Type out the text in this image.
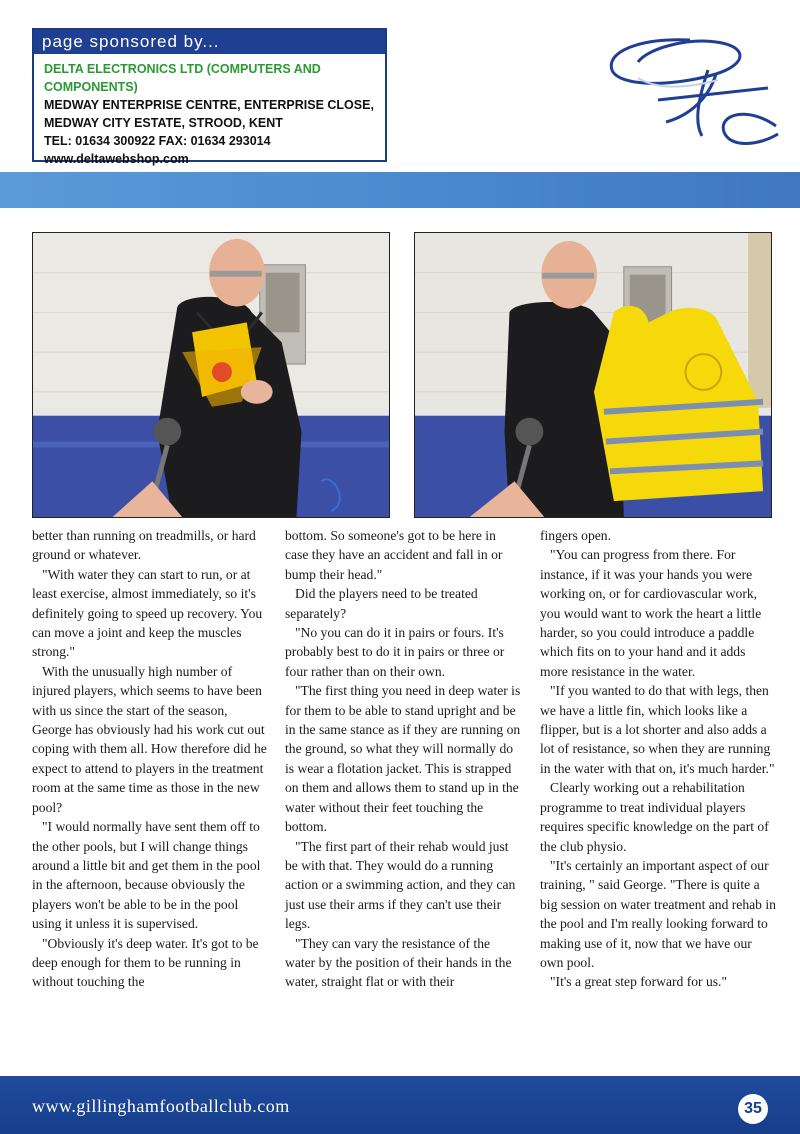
page sponsored by...
DELTA ELECTRONICS LTD (COMPUTERS AND COMPONENTS)
MEDWAY ENTERPRISE CENTRE, ENTERPRISE CLOSE,
MEDWAY CITY ESTATE, STROOD, KENT
TEL: 01634 300922 FAX: 01634 293014
www.deltawebshop.com

better than running on treadmills, or hard ground or whatever.

"With water they can start to run, or at least exercise, almost immediately, so it's definitely going to speed up recovery. You can move a joint and keep the muscles strong."

With the unusually high number of injured players, which seems to have been with us since the start of the season, George has obviously had his work cut out coping with them all. How therefore did he expect to attend to players in the treatment room at the same time as those in the new pool?

"I would normally have sent them off to the other pools, but I will change things around a little bit and get them in the pool in the afternoon, because obviously the players won't be able to be in the pool using it unless it is supervised.

"Obviously it's deep water. It's got to be deep enough for them to be running in without touching the

bottom. So someone's got to be here in case they have an accident and fall in or bump their head."

Did the players need to be treated separately?

"No you can do it in pairs or fours. It's probably best to do it in pairs or three or four rather than on their own.

"The first thing you need in deep water is for them to be able to stand upright and be in the same stance as if they are running on the ground, so what they will normally do is wear a flotation jacket. This is strapped on them and allows them to stand up in the water without their feet touching the bottom.

"The first part of their rehab would just be with that. They would do a running action or a swimming action, and they can just use their arms if they can't use their legs.

"They can vary the resistance of the water by the position of their hands in the water, straight flat or with their

fingers open.

"You can progress from there. For instance, if it was your hands you were working on, or for cardiovascular work, you would want to work the heart a little harder, so you could introduce a paddle which fits on to your hand and it adds more resistance in the water.

"If you wanted to do that with legs, then we have a little fin, which looks like a flipper, but is a lot shorter and also adds a lot of resistance, so when they are running in the water with that on, it's much harder."

Clearly working out a rehabilitation programme to treat individual players requires specific knowledge on the part of the club physio.

"It's certainly an important aspect of our training, " said George. "There is quite a big session on water treatment and rehab in the pool and I'm really looking forward to making use of it, now that we have our own pool.

"It's a great step forward for us."

www.gillinghamfootballclub.com	35
